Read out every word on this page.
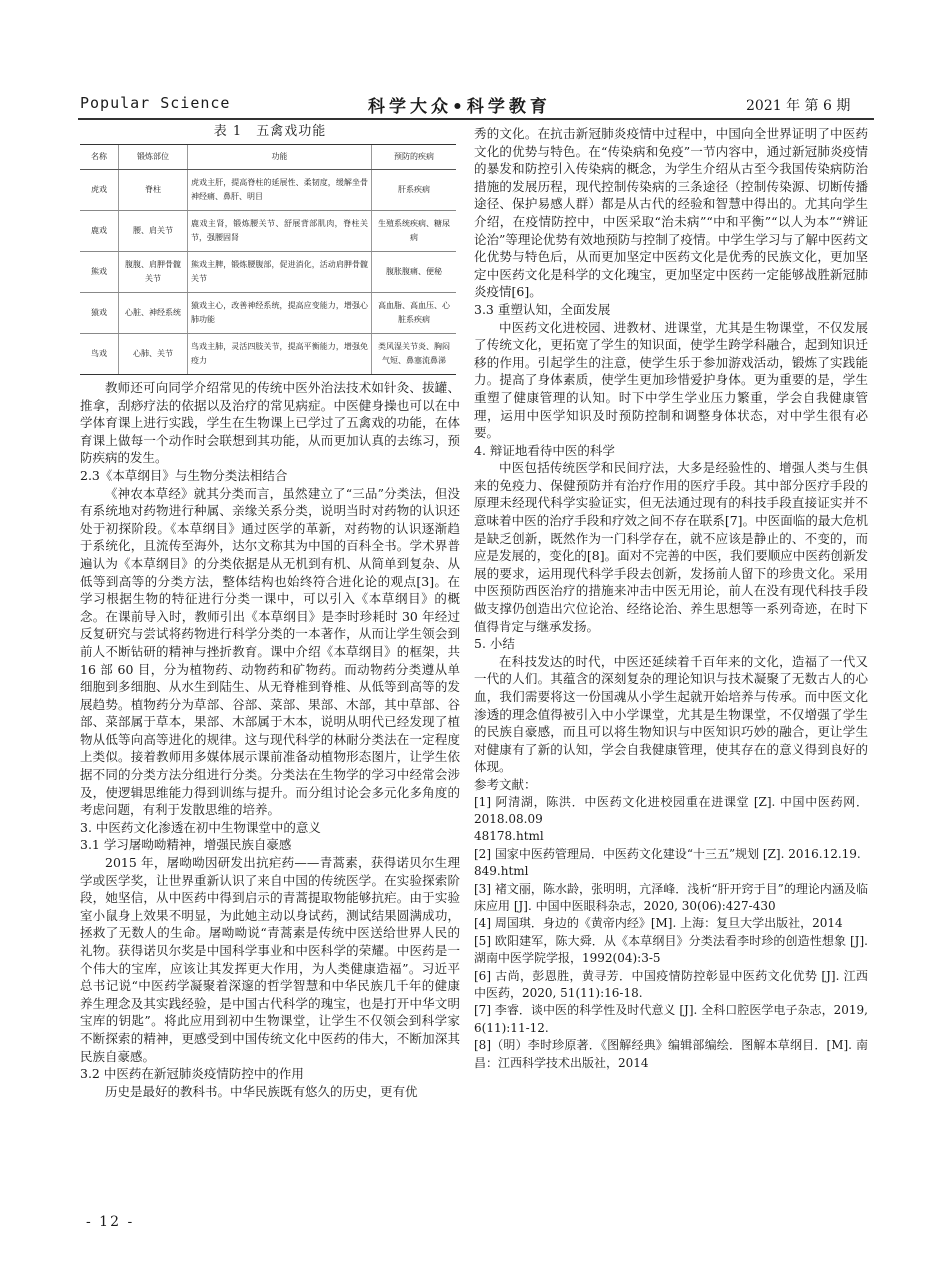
Popular Science	科学大众•科学教育	2021 年 第 6 期
表 1　五禽戏功能
名称	锻炼部位	功能	预防的疾病
虎戏	脊柱	虎戏主肝，提高脊柱的延展性、柔韧度，缓解坐骨神经痛、鼻肝、明目	肝系疾病
鹿戏	腰、肩关节	鹿戏主肾，锻炼腰关节、舒展背部肌肉，脊柱关节，强腰固肾	生殖系统疾病、糖尿病
熊戏	腹腹、肩胛骨髋关节	熊戏主脾，锻炼腰腹部，促进消化，活动肩胛骨髋关节	腹胀腹痛、便秘
猿戏	心脏、神经系统	猿戏主心，改善神经系统，提高应变能力，增强心肺功能	高血脂、高血压、心脏系疾病
鸟戏	心肺、关节	鸟戏主肺，灵活四肢关节，提高平衡能力，增强免疫力	类风湿关节炎、胸闷气短、鼻塞流鼻涕

教师还可向同学介绍常见的传统中医外治法技术如针灸、拔罐、推拿，刮痧疗法的依据以及治疗的常见病症。中医健身操也可以在中学体育课上进行实践，学生在生物课上已学过了五禽戏的功能，在体育课上做每一个动作时会联想到其功能，从而更加认真的去练习，预防疾病的发生。

2.3《本草纲目》与生物分类法相结合

《神农本草经》就其分类而言，虽然建立了“三品”分类法，但没有系统地对药物进行种属、亲缘关系分类，说明当时对药物的认识还处于初探阶段。《本草纲目》通过医学的革新，对药物的认识逐渐趋于系统化，且流传至海外，达尔文称其为中国的百科全书。学术界普遍认为《本草纲目》的分类依据是从无机到有机、从简单到复杂、从低等到高等的分类方法，整体结构也始终符合进化论的观点[3]。在学习根据生物的特征进行分类一课中，可以引入《本草纲目》的概念。在课前导入时，教师引出《本草纲目》是李时珍耗时 30 年经过反复研究与尝试将药物进行科学分类的一本著作，从而让学生领会到前人不断钻研的精神与挫折教育。课中介绍《本草纲目》的框架，共 16 部 60 目，分为植物药、动物药和矿物药。而动物药分类遵从单细胞到多细胞、从水生到陆生、从无脊椎到脊椎、从低等到高等的发展趋势。植物药分为草部、谷部、菜部、果部、木部，其中草部、谷部、菜部属于草本，果部、木部属于木本，说明从明代已经发现了植物从低等向高等进化的规律。这与现代科学的林耐分类法在一定程度上类似。接着教师用多媒体展示课前准备动植物形态图片，让学生依据不同的分类方法分组进行分类。分类法在生物学的学习中经常会涉及，使逻辑思维能力得到训练与提升。而分组讨论会多元化多角度的考虑问题，有利于发散思维的培养。

3. 中医药文化渗透在初中生物课堂中的意义

3.1 学习屠呦呦精神，增强民族自豪感

2015 年，屠呦呦因研发出抗疟药——青蒿素，获得诺贝尔生理学或医学奖，让世界重新认识了来自中国的传统医学。在实验探索阶段，她坚信，从中医药中得到启示的青蒿提取物能够抗疟。由于实验室小鼠身上效果不明显，为此她主动以身试药，测试结果圆满成功，拯救了无数人的生命。屠呦呦说“青蒿素是传统中医送给世界人民的礼物。获得诺贝尔奖是中国科学事业和中医科学的荣耀。中医药是一个伟大的宝库，应该让其发挥更大作用，为人类健康造福”。习近平总书记说“中医药学凝聚着深邃的哲学智慧和中华民族几千年的健康养生理念及其实践经验，是中国古代科学的瑰宝，也是打开中华文明宝库的钥匙”。将此应用到初中生物课堂，让学生不仅领会到科学家不断探索的精神，更感受到中国传统文化中医药的伟大，不断加深其民族自豪感。

3.2 中医药在新冠肺炎疫情防控中的作用

历史是最好的教科书。中华民族既有悠久的历史，更有优

秀的文化。在抗击新冠肺炎疫情中过程中，中国向全世界证明了中医药文化的优势与特色。在“传染病和免疫”一节内容中，通过新冠肺炎疫情的暴发和防控引入传染病的概念，为学生介绍从古至今我国传染病防治措施的发展历程，现代控制传染病的三条途径（控制传染源、切断传播途径、保护易感人群）都是从古代的经验和智慧中得出的。尤其向学生介绍，在疫情防控中，中医采取“治未病”“中和平衡”“以人为本”“辨证论治”等理论优势有效地预防与控制了疫情。中学生学习与了解中医药文化优势与特色后，从而更加坚定中医药文化是优秀的民族文化，更加坚定中医药文化是科学的文化瑰宝，更加坚定中医药一定能够战胜新冠肺炎疫情[6]。

3.3 重塑认知，全面发展

中医药文化进校园、进教材、进课堂，尤其是生物课堂，不仅发展了传统文化，更拓宽了学生的知识面，使学生跨学科融合，起到知识迁移的作用。引起学生的注意，使学生乐于参加游戏活动，锻炼了实践能力。提高了身体素质，使学生更加珍惜爱护身体。更为重要的是，学生重塑了健康管理的认知。时下中学生学业压力繁重，学会自我健康管理，运用中医学知识及时预防控制和调整身体状态，对中学生很有必要。

4. 辩证地看待中医的科学

中医包括传统医学和民间疗法，大多是经验性的、增强人类与生俱来的免疫力、保健预防并有治疗作用的医疗手段。其中部分医疗手段的原理未经现代科学实验证实，但无法通过现有的科技手段直接证实并不意味着中医的治疗手段和疗效之间不存在联系[7]。中医面临的最大危机是缺乏创新，既然作为一门科学存在，就不应该是静止的、不变的，而应是发展的，变化的[8]。面对不完善的中医，我们要顺应中医药创新发展的要求，运用现代科学手段去创新，发扬前人留下的珍贵文化。采用中医预防西医治疗的措施来冲击中医无用论，前人在没有现代科技手段做支撑仍创造出穴位论治、经络论治、养生思想等一系列奇迹，在时下值得肯定与继承发扬。

5. 小结

在科技发达的时代，中医还延续着千百年来的文化，造福了一代又一代的人们。其蕴含的深刻复杂的理论知识与技术凝聚了无数古人的心血，我们需要将这一份国魂从小学生起就开始培养与传承。而中医文化渗透的理念值得被引入中小学课堂，尤其是生物课堂，不仅增强了学生的民族自豪感，而且可以将生物知识与中医知识巧妙的融合，更让学生对健康有了新的认知，学会自我健康管理，使其存在的意义得到良好的体现。

参考文献：

[1] 阿清湖，陈洪．中医药文化进校园重在进课堂 [Z]. 中国中医药网．2018.08.09

48178.html

[2] 国家中医药管理局．中医药文化建设“十三五”规划 [Z]. 2016.12.19.

849.html

[3] 褚文丽，陈水龄，张明明，亢泽峰．浅析“肝开窍于目”的理论内涵及临床应用 [J]. 中国中医眼科杂志，2020, 30(06):427-430

[4] 周国琪．身边的《黄帝内经》[M]. 上海：复旦大学出版社，2014

[5] 欧阳建军，陈大舜．从《本草纲目》分类法看李时珍的创造性想象 [J]. 湖南中医学院学报，1992(04):3-5

[6] 古尚，彭恩胜，黄寻芳．中国疫情防控彰显中医药文化优势 [J]. 江西中医药，2020, 51(11):16-18.

[7] 李睿．谈中医的科学性及时代意义 [J]. 全科口腔医学电子杂志，2019, 6(11):11-12.

[8]（明）李时珍原著．《图解经典》编辑部编绘．图解本草纲目．[M]. 南昌：江西科学技术出版社，2014

- 12 -
